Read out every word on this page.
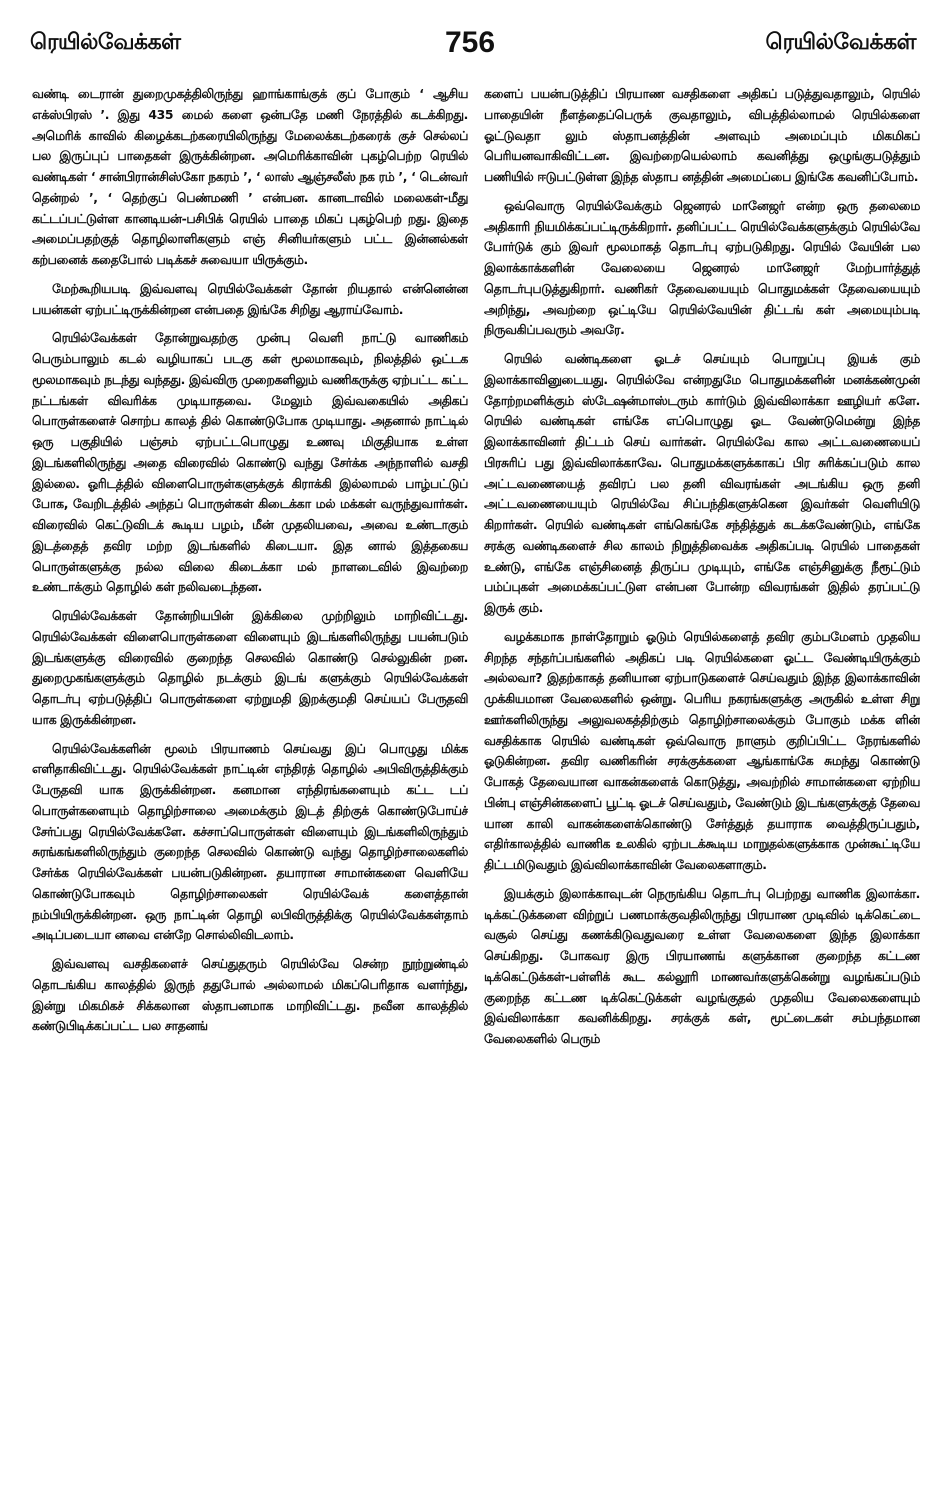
ரெயில்வேக்கள்	756	ரெயில்வேக்கள்

வண்டி டைரான் துறைமுகத்திலிருந்து ஹாங்காங்குக் குப் போகும் ‘ ஆசிய எக்ஸ்பிரஸ் ’. இது 435 மைல் களை ஒன்பதே மணி நேரத்தில் கடக்கிறது. அமெரிக் காவில் கிழைக்கடற்கரையிலிருந்து மேலைக்கடற்கரைக் குச் செல்லப் பல இருப்புப் பாதைகள் இருக்கின்றன. அமெரிக்காவின் புகழ்பெற்ற ரெயில் வண்டிகள் ‘ சான்பிரான்சிஸ்கோ நகரம் ’, ‘ லாஸ் ஆஞ்சலீஸ் நக ரம் ’, ‘ டென்வர் தென்றல் ’, ‘ தெற்குப் பெண்மணி ’ என்பன. கானடாவில் மலைகள்-மீது கட்டப்பட்டுள்ள கானடியன்-பசிபிக் ரெயில் பாதை மிகப் புகழ்பெற் றது. இதை அமைப்பதற்குத் தொழிலாளிகளும் எஞ் சினியர்களும் பட்ட இன்னல்கள் கற்பனைக் கதைபோல் படிக்கச் சுவையா யிருக்கும்.

மேற்கூறியபடி இவ்வளவு ரெயில்வேக்கள் தோன் றியதால் என்னென்ன பயன்கள் ஏற்பட்டிருக்கின்றன என்பதை இங்கே சிறிது ஆராய்வோம்.

ரெயில்வேக்கள் தோன்றுவதற்கு முன்பு வெளி நாட்டு வாணிகம் பெரும்பாலும் கடல் வழியாகப் படகு கள் மூலமாகவும், நிலத்தில் ஒட்டக மூலமாகவும் நடந்து வந்தது. இவ்விரு முறைகளிலும் வணிகருக்கு ஏற்பட்ட கட்ட நட்டங்கள் விவரிக்க முடியாதவை. மேலும் இவ்வகையில் அதிகப் பொருள்களைச் சொற்ப காலத் தில் கொண்டுபோக முடியாது. அதனால் நாட்டில் ஒரு பகுதியில் பஞ்சம் ஏற்பட்டபொழுது உணவு மிகுதியாக உள்ள இடங்களிலிருந்து அதை விரைவில் கொண்டு வந்து சேர்க்க அந்நாளில் வசதி இல்லை. ஓரிடத்தில் விளைபொருள்களுக்குக் கிராக்கி இல்லாமல் பாழ்பட்டுப் போக, வேறிடத்தில் அந்தப் பொருள்கள் கிடைக்கா மல் மக்கள் வருந்துவார்கள். விரைவில் கெட்டுவிடக் கூடிய பழம், மீன் முதலியவை, அவை உண்டாகும் இடத்தைத் தவிர மற்ற இடங்களில் கிடையா. இத னால் இத்தகைய பொருள்களுக்கு நல்ல விலை கிடைக்கா மல் நாளடைவில் இவற்றை உண்டாக்கும் தொழில் கள் நலிவடைந்தன.

ரெயில்வேக்கள் தோன்றியபின் இக்கிலை முற்றிலும் மாறிவிட்டது. ரெயில்வேக்கள் விளைபொருள்களை விளையும் இடங்களிலிருந்து பயன்படும் இடங்களுக்கு விரைவில் குறைந்த செலவில் கொண்டு செல்லுகின் றன. துறைமுகங்களுக்கும் தொழில் நடக்கும் இடங் களுக்கும் ரெயில்வேக்கள் தொடர்பு ஏற்படுத்திப் பொருள்களை ஏற்றுமதி இறக்குமதி செய்யப் பேருதவி யாக இருக்கின்றன.

ரெயில்வேக்களின் மூலம் பிரயாணம் செய்வது இப் பொழுது மிக்க எளிதாகிவிட்டது. ரெயில்வேக்கள் நாட்டின் எந்திரத் தொழில் அபிவிருத்திக்கும் பேருதவி யாக இருக்கின்றன. கனமான எந்திரங்களையும் கட்ட டப் பொருள்களையும் தொழிற்சாலை அமைக்கும் இடத் திற்குக் கொண்டுபோய்ச் சேர்ப்பது ரெயில்வேக்களே. கச்சாப்பொருள்கள் விளையும் இடங்களிலிருந்தும் சுரங்கங்களிலிருந்தும் குறைந்த செலவில் கொண்டு வந்து தொழிற்சாலைகளில் சேர்க்க ரெயில்வேக்கள் பயன்படுகின்றன. தயாரான சாமான்களை வெளியே கொண்டுபோகவும் தொழிற்சாலைகள் ரெயில்வேக் களைத்தான் நம்பியிருக்கின்றன. ஒரு நாட்டின் தொழி லபிவிருத்திக்கு ரெயில்வேக்கள்தாம் அடிப்படையா னவை என்றே சொல்லிவிடலாம்.

இவ்வளவு வசதிகளைச் செய்துதரும் ரெயில்வே சென்ற நூற்றுண்டில் தொடங்கிய காலத்தில் இருந் ததுபோல் அல்லாமல் மிகப்பெரிதாக வளர்ந்து, இன்று மிகமிகச் சிக்கலான ஸ்தாபனமாக மாறிவிட்டது. நவீன காலத்தில் கண்டுபிடிக்கப்பட்ட பல சாதனங்

களைப் பயன்படுத்திப் பிரயாண வசதிகளை அதிகப் படுத்துவதாலும், ரெயில் பாதையின் நீளத்தைப்பெருக் குவதாலும், விபத்தில்லாமல் ரெயில்களை ஓட்டுவதா லும் ஸ்தாபனத்தின் அளவும் அமைப்பும் மிகமிகப் பெரியனவாகிவிட்டன. இவற்றையெல்லாம் கவனித்து ஒழுங்குபடுத்தும் பணியில் ஈடுபட்டுள்ள இந்த ஸ்தாப னத்தின் அமைப்பை இங்கே கவனிப்போம்.

ஒவ்வொரு ரெயில்வேக்கும் ஜெனரல் மானேஜர் என்ற ஒரு தலைமை அதிகாரி நியமிக்கப்பட்டிருக்கிறார். தனிப்பட்ட ரெயில்வேக்களுக்கும் ரெயில்வே போர்டுக் கும் இவர் மூலமாகத் தொடர்பு ஏற்படுகிறது. ரெயில் வேயின் பல இலாக்காக்களின் வேலையை ஜெனரல் மானேஜர் மேற்பார்த்துத் தொடர்புபடுத்துகிறார். வணிகர் தேவையையும் பொதுமக்கள் தேவையையும் அறிந்து, அவற்றை ஒட்டியே ரெயில்வேயின் திட்டங் கள் அமையும்படி நிருவகிப்பவரும் அவரே.

ரெயில் வண்டிகளை ஓடச் செய்யும் பொறுப்பு இயக் கும் இலாக்காவினுடையது. ரெயில்வே என்றதுமே பொதுமக்களின் மனக்கண்முன் தோற்றமளிக்கும் ஸ்டேஷன்மாஸ்டரும் கார்டும் இவ்விலாக்கா ஊழியர் களே. ரெயில் வண்டிகள் எங்கே எப்பொழுது ஓட வேண்டுமென்று இந்த இலாக்காவினர் திட்டம் செய் வார்கள். ரெயில்வே கால அட்டவணையைப் பிரசுரிப் பது இவ்விலாக்காவே. பொதுமக்களுக்காகப் பிர சுரிக்கப்படும் கால அட்டவணையைத் தவிரப் பல தனி விவரங்கள் அடங்கிய ஒரு தனி அட்டவணையையும் ரெயில்வே சிப்பந்திகளுக்கென இவர்கள் வெளியிடு கிறார்கள். ரெயில் வண்டிகள் எங்கெங்கே சந்தித்துக் கடக்கவேண்டும், எங்கே சரக்கு வண்டிகளைச் சில காலம் நிறுத்திவைக்க அதிகப்படி ரெயில் பாதைகள் உண்டு, எங்கே எஞ்சினைத் திருப்ப முடியும், எங்கே எஞ்சினுக்கு நீரூட்டும் பம்ப்புகள் அமைக்கப்பட்டுள என்பன போன்ற விவரங்கள் இதில் தரப்பட்டு இருக் கும்.

வழக்கமாக நாள்தோறும் ஓடும் ரெயில்களைத் தவிர கும்பமேளம் முதலிய சிறந்த சந்தர்ப்பங்களில் அதிகப் படி ரெயில்களை ஓட்ட வேண்டியிருக்கும் அல்லவா? இதற்காகத் தனியான ஏற்பாடுகளைச் செய்வதும் இந்த இலாக்காவின் முக்கியமான வேலைகளில் ஒன்று. பெரிய நகரங்களுக்கு அருகில் உள்ள சிறு ஊர்களிலிருந்து அலுவலகத்திற்கும் தொழிற்சாலைக்கும் போகும் மக்க ளின் வசதிக்காக ரெயில் வண்டிகள் ஒவ்வொரு நாளும் குறிப்பிட்ட நேரங்களில் ஓடுகின்றன. தவிர வணிகரின் சரக்குக்களை ஆங்காங்கே சுமந்து கொண்டு போகத் தேவையான வாகன்களைக் கொடுத்து, அவற்றில் சாமான்களை ஏற்றிய பின்பு எஞ்சின்களைப் பூட்டி ஓடச் செய்வதும், வேண்டும் இடங்களுக்குத் தேவை யான காலி வாகன்களைக்கொண்டு சேர்த்துத் தயாராக வைத்திருப்பதும், எதிர்காலத்தில் வாணிக உலகில் ஏற்படக்கூடிய மாறுதல்களுக்காக முன்கூட்டியே திட்டமிடுவதும் இவ்விலாக்காவின் வேலைகளாகும்.

இயக்கும் இலாக்காவுடன் நெருங்கிய தொடர்பு பெற்றது வாணிக இலாக்கா. டிக்கட்டுக்களை விற்றுப் பணமாக்குவதிலிருந்து பிரயாண முடிவில் டிக்கெட்டை வசூல் செய்து கணக்கிடுவதுவரை உள்ள வேலைகளை இந்த இலாக்கா செய்கிறது. போகவர இரு பிரயாணங் களுக்கான குறைந்த கட்டண டிக்கெட்டுக்கள்-பள்ளிக் கூட கல்லூரி மாணவர்களுக்கென்று வழங்கப்படும் குறைந்த கட்டண டிக்கெட்டுக்கள் வழங்குதல் முதலிய வேலைகளையும் இவ்விலாக்கா கவனிக்கிறது. சரக்குக் கள், மூட்டைகள் சம்பந்தமான வேலைகளில் பெரும்
